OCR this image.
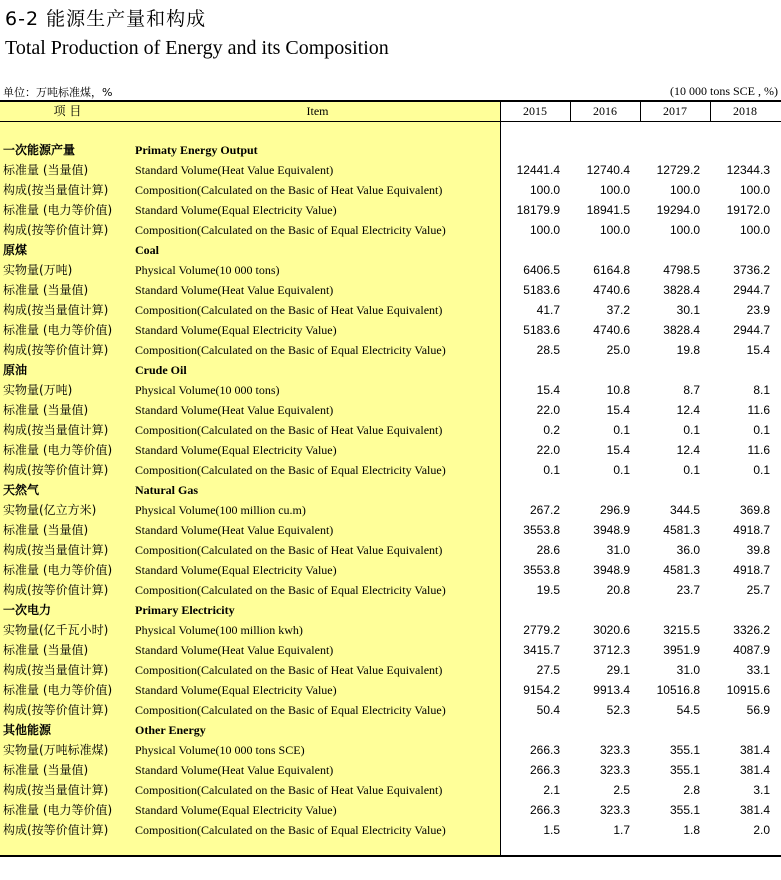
6-2 能源生产量和构成
Total Production of Energy and its Composition
单位：万吨标准煤，%	(10 000 tons SCE , %)
项 目	Item	2015	2016	2017	2018
一次能源产量	Primaty Energy Output
标准量 (当量值)	Standard Volume(Heat Value Equivalent)	12441.4	12740.4	12729.2	12344.3
构成(按当量值计算) Composition(Calculated on the Basic of Heat Value Equivalent)	100.0	100.0	100.0	100.0
标准量 (电力等价值) Standard Volume(Equal Electricity Value)	18179.9	18941.5	19294.0	19172.0
构成(按等价值计算) Composition(Calculated on the Basic of Equal Electricity Value)	100.0	100.0	100.0	100.0
原煤	Coal
实物量(万吨)	Physical Volume(10 000 tons)	6406.5	6164.8	4798.5	3736.2
标准量 (当量值)	Standard Volume(Heat Value Equivalent)	5183.6	4740.6	3828.4	2944.7
构成(按当量值计算) Composition(Calculated on the Basic of Heat Value Equivalent)	41.7	37.2	30.1	23.9
标准量 (电力等价值) Standard Volume(Equal Electricity Value)	5183.6	4740.6	3828.4	2944.7
构成(按等价值计算) Composition(Calculated on the Basic of Equal Electricity Value)	28.5	25.0	19.8	15.4
原油	Crude Oil
实物量(万吨)	Physical Volume(10 000 tons)	15.4	10.8	8.7	8.1
标准量 (当量值)	Standard Volume(Heat Value Equivalent)	22.0	15.4	12.4	11.6
构成(按当量值计算) Composition(Calculated on the Basic of Heat Value Equivalent)	0.2	0.1	0.1	0.1
标准量 (电力等价值) Standard Volume(Equal Electricity Value)	22.0	15.4	12.4	11.6
构成(按等价值计算) Composition(Calculated on the Basic of Equal Electricity Value)	0.1	0.1	0.1	0.1
天然气	Natural Gas
实物量(亿立方米)	Physical Volume(100 million cu.m)	267.2	296.9	344.5	369.8
标准量 (当量值)	Standard Volume(Heat Value Equivalent)	3553.8	3948.9	4581.3	4918.7
构成(按当量值计算) Composition(Calculated on the Basic of Heat Value Equivalent)	28.6	31.0	36.0	39.8
标准量 (电力等价值) Standard Volume(Equal Electricity Value)	3553.8	3948.9	4581.3	4918.7
构成(按等价值计算) Composition(Calculated on the Basic of Equal Electricity Value)	19.5	20.8	23.7	25.7
一次电力	Primary Electricity
实物量(亿千瓦小时) Physical Volume(100 million kwh)	2779.2	3020.6	3215.5	3326.2
标准量 (当量值)	Standard Volume(Heat Value Equivalent)	3415.7	3712.3	3951.9	4087.9
构成(按当量值计算) Composition(Calculated on the Basic of Heat Value Equivalent)	27.5	29.1	31.0	33.1
标准量 (电力等价值) Standard Volume(Equal Electricity Value)	9154.2	9913.4	10516.8	10915.6
构成(按等价值计算) Composition(Calculated on the Basic of Equal Electricity Value)	50.4	52.3	54.5	56.9
其他能源	Other Energy
实物量(万吨标准煤) Physical Volume(10 000 tons SCE)	266.3	323.3	355.1	381.4
标准量 (当量值)	Standard Volume(Heat Value Equivalent)	266.3	323.3	355.1	381.4
构成(按当量值计算) Composition(Calculated on the Basic of Heat Value Equivalent)	2.1	2.5	2.8	3.1
标准量 (电力等价值) Standard Volume(Equal Electricity Value)	266.3	323.3	355.1	381.4
构成(按等价值计算) Composition(Calculated on the Basic of Equal Electricity Value)	1.5	1.7	1.8	2.0
